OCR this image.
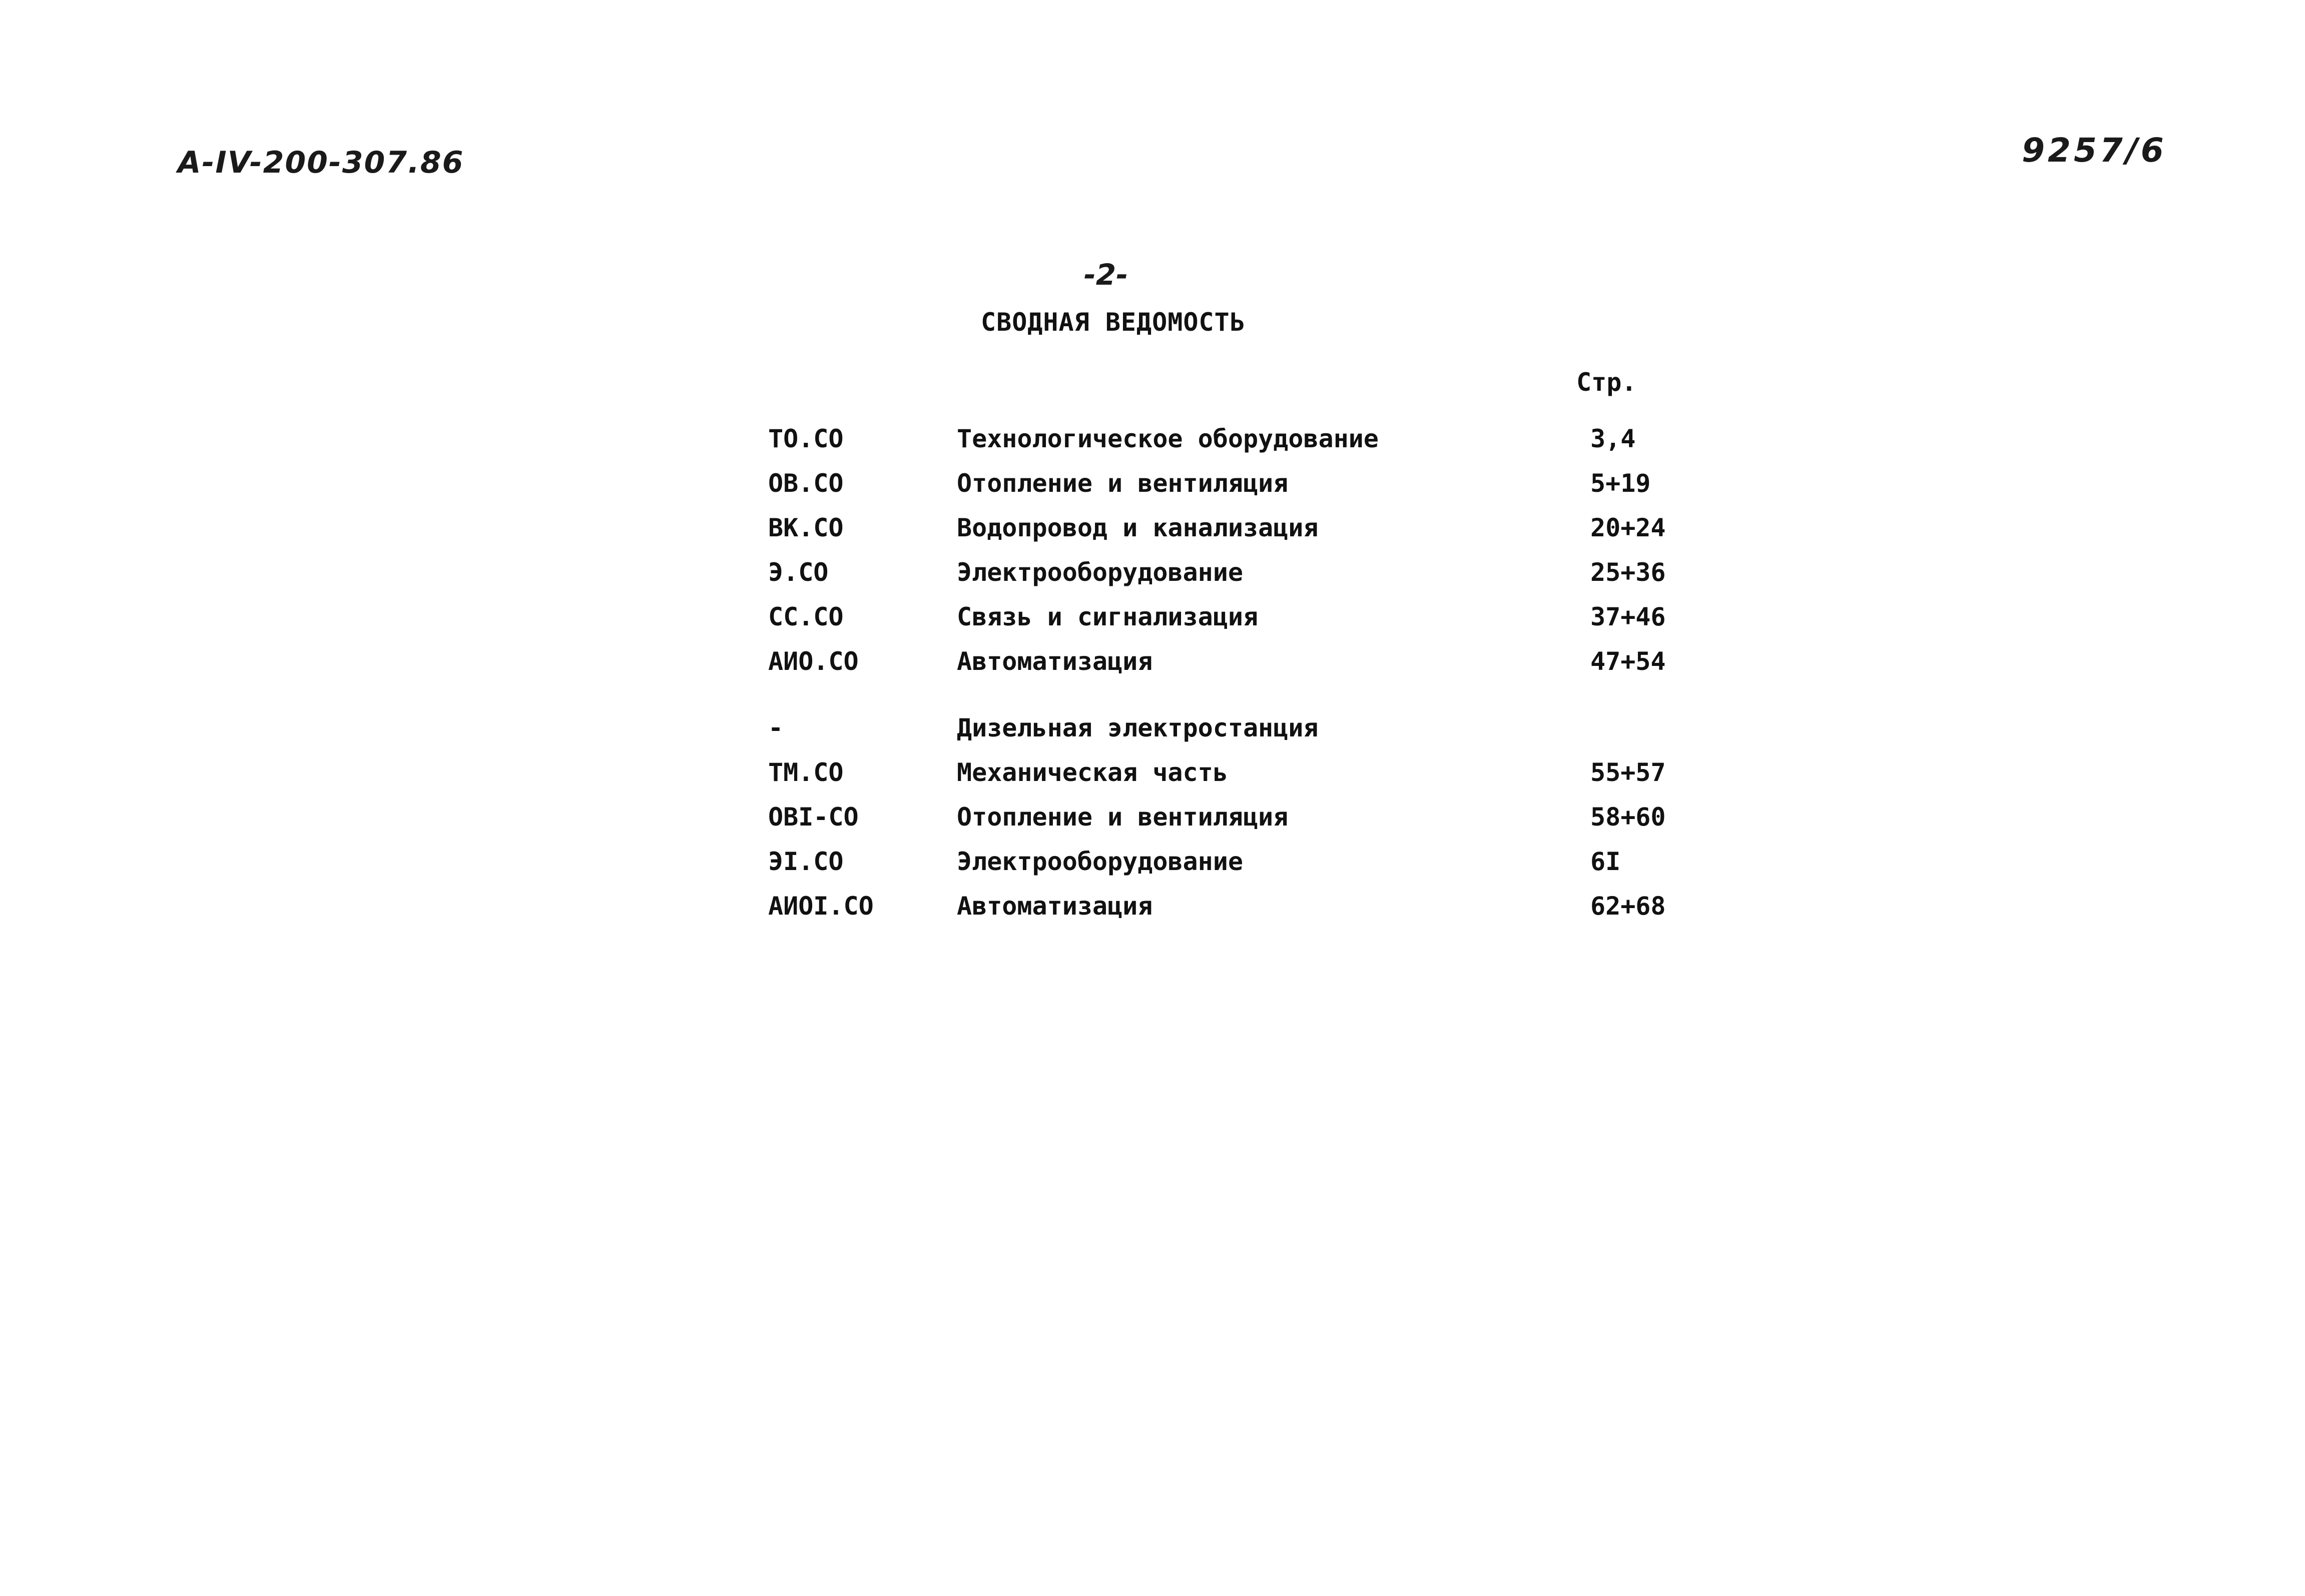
А-IV-200-307.86	9257/6
-2-
СВОДНАЯ ВЕДОМОСТЬ
Стр.
ТО.СО	Технологическое оборудование	3,4
ОВ.СО	Отопление и вентиляция	5+19
ВК.СО	Водопровод и канализация	20+24
Э.СО	Электрооборудование	25+36
СС.СО	Связь и сигнализация	37+46
АИО.СО	Автоматизация	47+54
-	Дизельная электростанция
ТМ.СО	Механическая часть	55+57
ОВI-СО	Отопление и вентиляция	58+60
ЭI.СО	Электрооборудование	6I
АИОI.СО	Автоматизация	62+68
